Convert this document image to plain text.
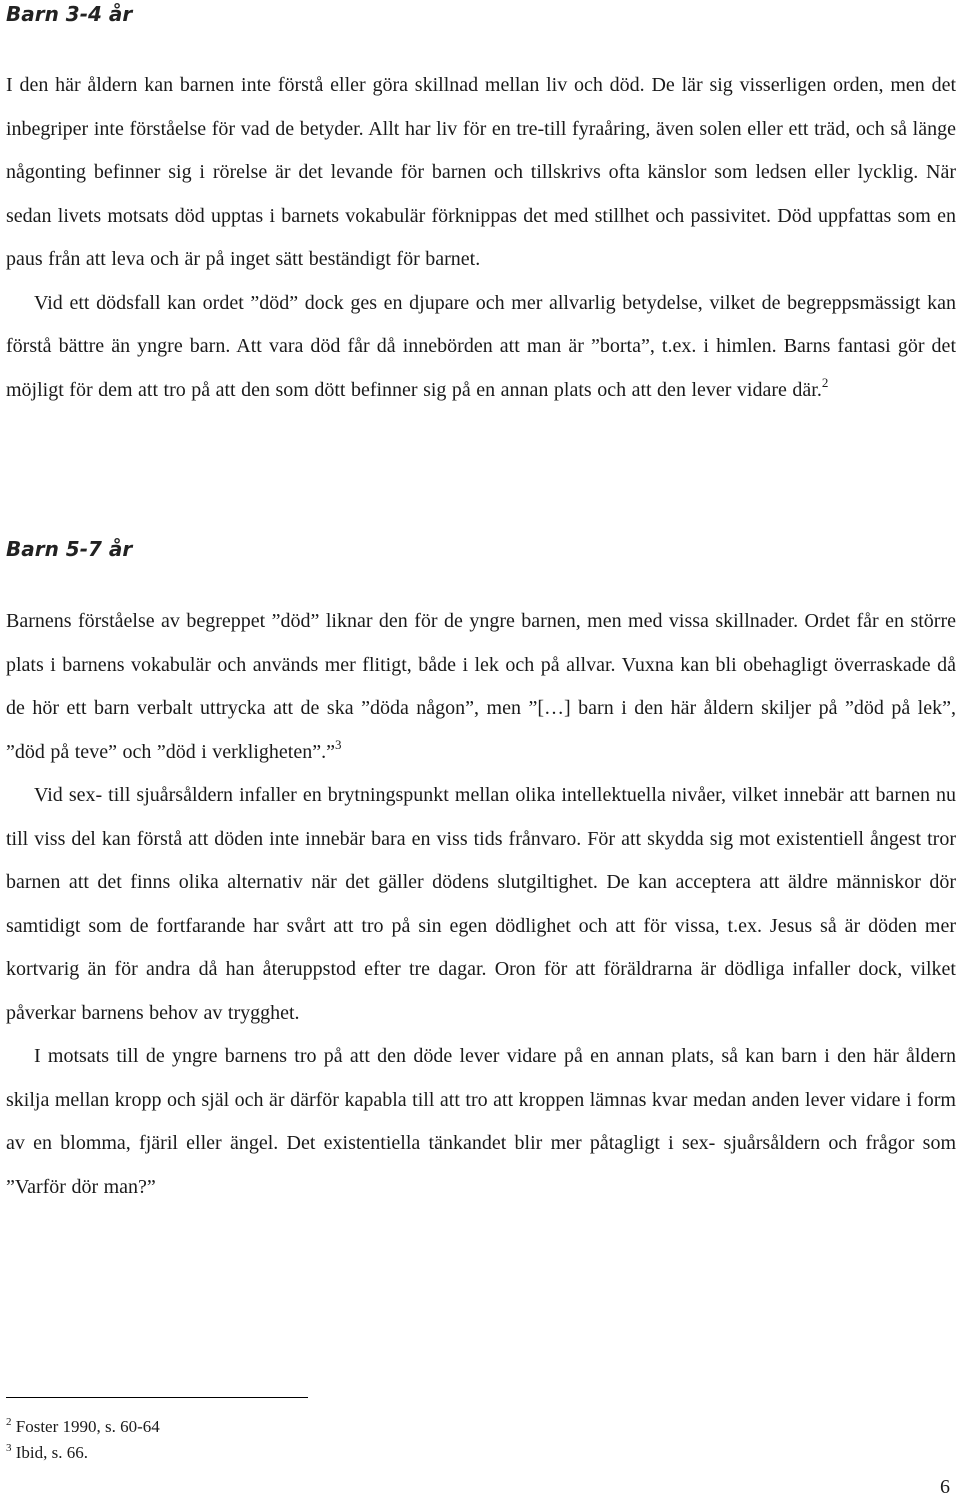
Barn 3-4 år

I den här åldern kan barnen inte förstå eller göra skillnad mellan liv och död. De lär sig visserligen orden, men det inbegriper inte förståelse för vad de betyder. Allt har liv för en tre-till fyraåring, även solen eller ett träd, och så länge någonting befinner sig i rörelse är det levande för barnen och tillskrivs ofta känslor som ledsen eller lycklig. När sedan livets motsats död upptas i barnets vokabulär förknippas det med stillhet och passivitet. Död uppfattas som en paus från att leva och är på inget sätt beständigt för barnet.

Vid ett dödsfall kan ordet ”död” dock ges en djupare och mer allvarlig betydelse, vilket de begreppsmässigt kan förstå bättre än yngre barn. Att vara död får då innebörden att man är ”borta”, t.ex. i himlen. Barns fantasi gör det möjligt för dem att tro på att den som dött befinner sig på en annan plats och att den lever vidare där.$^2$

Barn 5-7 år

Barnens förståelse av begreppet ”död” liknar den för de yngre barnen, men med vissa skillnader. Ordet får en större plats i barnens vokabulär och används mer flitigt, både i lek och på allvar. Vuxna kan bli obehagligt överraskade då de hör ett barn verbalt uttrycka att de ska ”döda någon”, men ”[…] barn i den här åldern skiljer på ”död på lek”, ”död på teve” och ”död i verkligheten”.”$^3$

Vid sex- till sjuårsåldern infaller en brytningspunkt mellan olika intellektuella nivåer, vilket innebär att barnen nu till viss del kan förstå att döden inte innebär bara en viss tids frånvaro. För att skydda sig mot existentiell ångest tror barnen att det finns olika alternativ när det gäller dödens slutgiltighet. De kan acceptera att äldre människor dör samtidigt som de fortfarande har svårt att tro på sin egen dödlighet och att för vissa, t.ex. Jesus så är döden mer kortvarig än för andra då han återuppstod efter tre dagar. Oron för att föräldrarna är dödliga infaller dock, vilket påverkar barnens behov av trygghet.

I motsats till de yngre barnens tro på att den döde lever vidare på en annan plats, så kan barn i den här åldern skilja mellan kropp och själ och är därför kapabla till att tro att kroppen lämnas kvar medan anden lever vidare i form av en blomma, fjäril eller ängel. Det existentiella tänkandet blir mer påtagligt i sex- sjuårsåldern och frågor som ”Varför dör man?”

$^2$ Foster 1990, s. 60-64
$^3$ Ibid, s. 66.
6
